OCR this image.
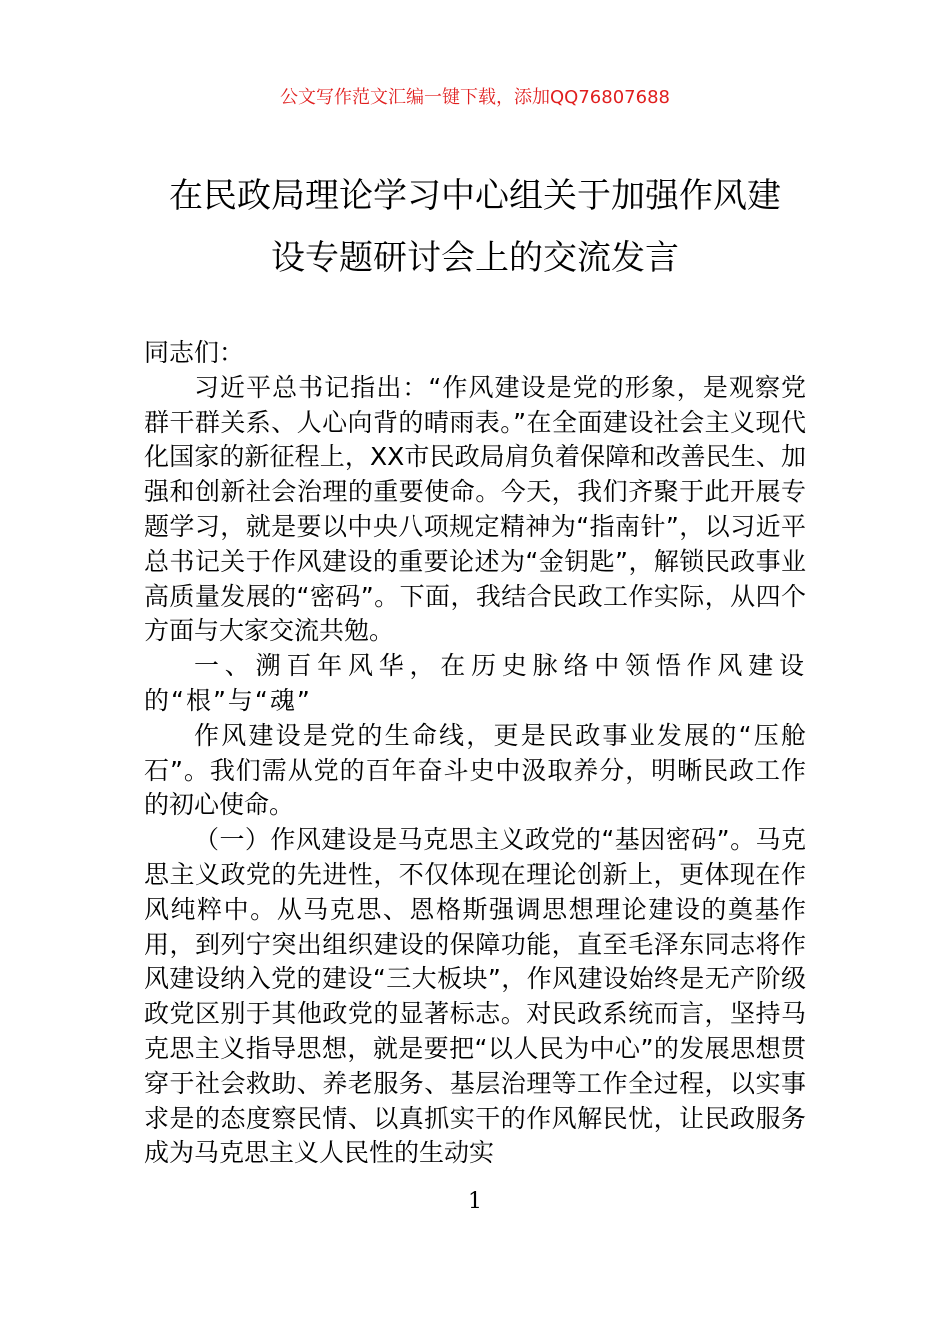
公文写作范文汇编一键下载，添加QQ76807688
在民政局理论学习中心组关于加强作风建
设专题研讨会上的交流发言

同志们：

习近平总书记指出：“作风建设是党的形象，是观察党群干群关系、人心向背的晴雨表。”在全面建设社会主义现代化国家的新征程上，XX市民政局肩负着保障和改善民生、加强和创新社会治理的重要使命。今天，我们齐聚于此开展专题学习，就是要以中央八项规定精神为“指南针”，以习近平总书记关于作风建设的重要论述为“金钥匙”，解锁民政事业高质量发展的“密码”。下面，我结合民政工作实际，从四个方面与大家交流共勉。

一、溯百年风华，在历史脉络中领悟作风建设的“根”与“魂”

作风建设是党的生命线，更是民政事业发展的“压舱石”。我们需从党的百年奋斗史中汲取养分，明晰民政工作的初心使命。

（一）作风建设是马克思主义政党的“基因密码”。马克思主义政党的先进性，不仅体现在理论创新上，更体现在作风纯粹中。从马克思、恩格斯强调思想理论建设的奠基作用，到列宁突出组织建设的保障功能，直至毛泽东同志将作风建设纳入党的建设“三大板块”，作风建设始终是无产阶级政党区别于其他政党的显著标志。对民政系统而言，坚持马克思主义指导思想，就是要把“以人民为中心”的发展思想贯穿于社会救助、养老服务、基层治理等工作全过程，以实事求是的态度察民情、以真抓实干的作风解民忧，让民政服务成为马克思主义人民性的生动实

1
